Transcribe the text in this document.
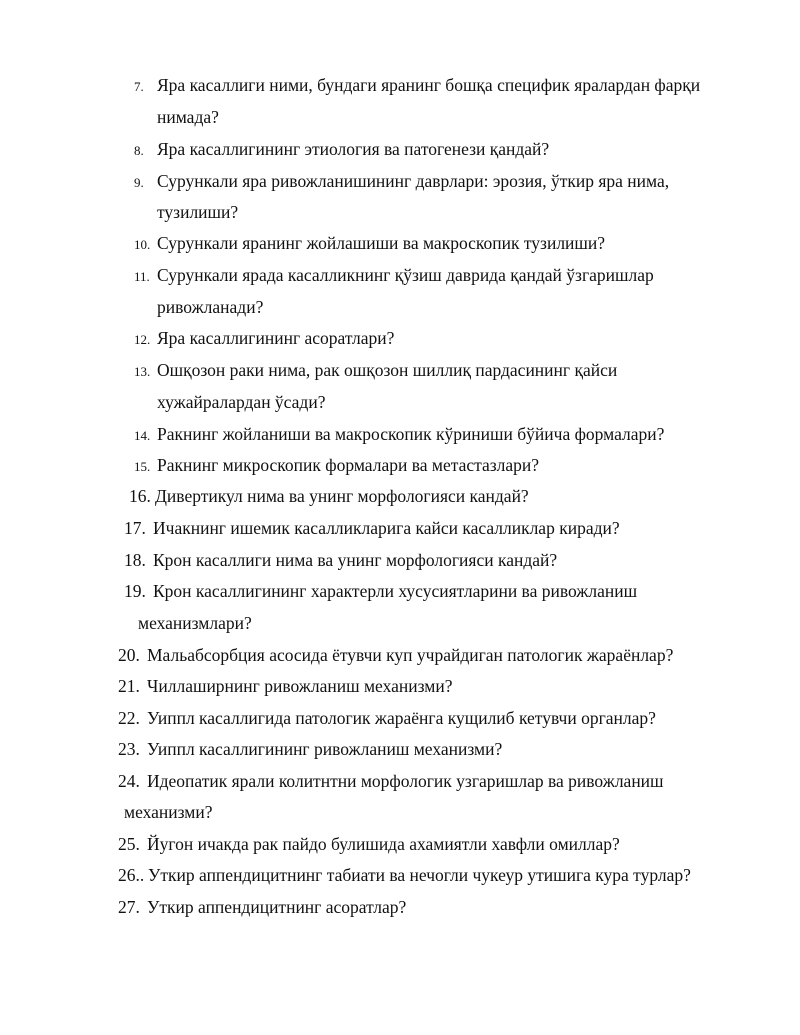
7. Яра касаллиги ними, бундаги яранинг бошқа специфик яралардан фарқи
нимада?
8. Яра касаллигининг этиология ва патогенези қандай?
9. Сурункали яра ривожланишининг даврлари: эрозия, ўткир яра нима,
тузилиши?
10. Сурункали яранинг жойлашиши ва макроскопик тузилиши?
11. Сурункали ярада касалликнинг қўзиш даврида қандай ўзгаришлар
ривожланади?
12. Яра касаллигининг асоратлари?
13. Ошқозон раки нима, рак ошқозон шиллиқ пардасининг қайси
хужайралардан ўсади?
14. Ракнинг жойланиши ва макроскопик кўриниши бўйича формалари?
15. Ракнинг микроскопик формалари ва метастазлари?
16. Дивертикул нима ва унинг морфологияси кандай?
17. Ичакнинг ишемик касалликларига кайси касалликлар киради?
18. Крон касаллиги нима ва унинг морфологияси кандай?
19. Крон касаллигининг характерли хусусиятларини ва ривожланиш
механизмлари?
20. Мальабсорбция асосида ётувчи куп учрайдиган патологик жараёнлар?
21. Чиллаширнинг ривожланиш механизми?
22. Уиппл касаллигида патологик жараёнга кущилиб кетувчи органлар?
23. Уиппл касаллигининг ривожланиш механизми?
24. Идеопатик ярали колитнтни морфологик узгаришлар ва ривожланиш
механизми?
25. Йугон ичакда рак пайдо булишида ахамиятли хавфли омиллар?
26.. Уткир аппендицитнинг табиати ва нечогли чукеур утишига кура турлар?
27. Уткир аппендицитнинг асоратлар?
